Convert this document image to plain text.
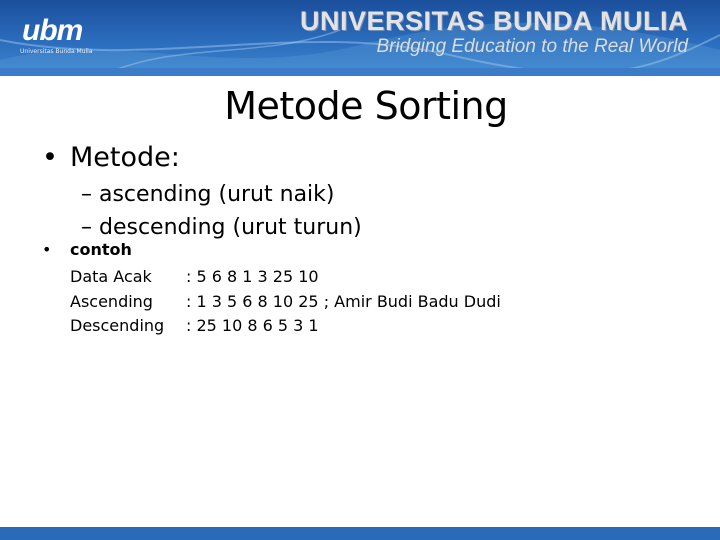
ubm
Universitas Bunda Mulia
UNIVERSITAS BUNDA MULIA
Bridging Education to the Real World
Metode Sorting
• Metode:
– ascending (urut naik)
– descending (urut turun)
• contoh
Data Acak : 5 6 8 1 3 25 10
Ascending : 1 3 5 6 8 10 25 ; Amir Budi Badu Dudi
Descending : 25 10 8 6 5 3 1
